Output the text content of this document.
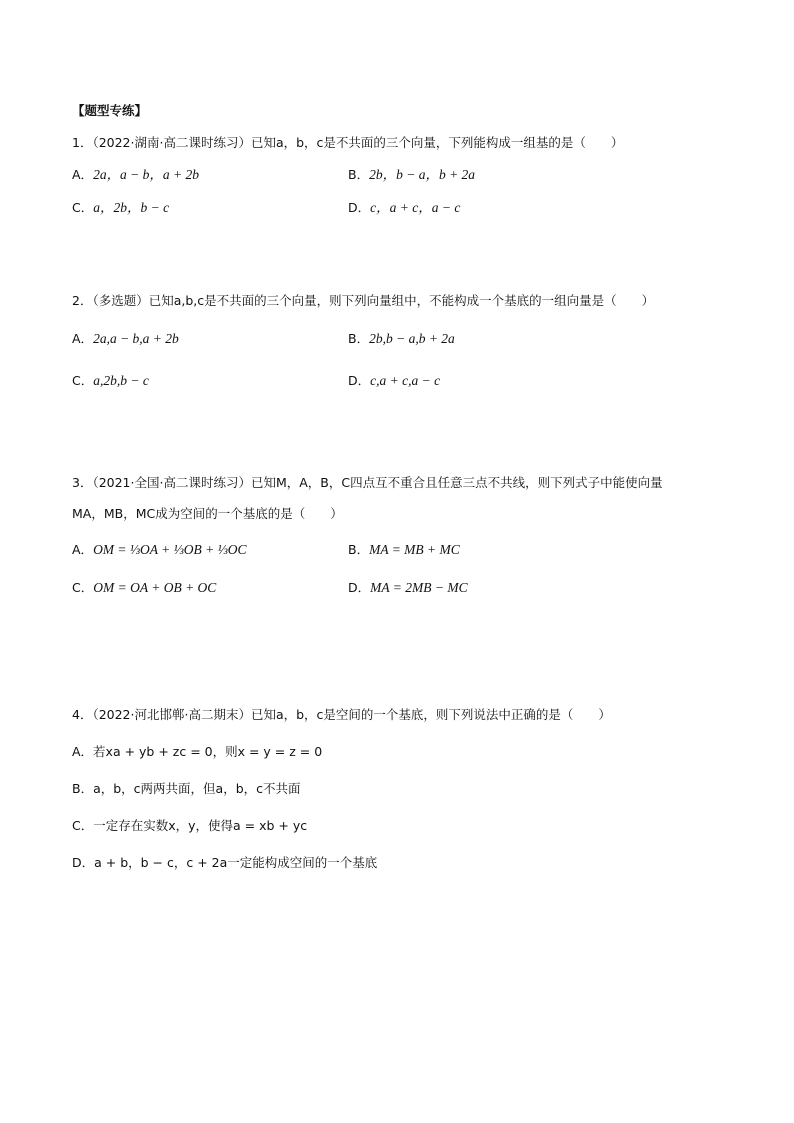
【题型专练】
1．（2022·湖南·高二课时练习）已知a，b，c是不共面的三个向量，下列能构成一组基的是（　　）
A．2a，a − b，a + 2b	B．2b，b − a，b + 2a
C．a，2b，b − c	D．c，a + c，a − c
2．（多选题）已知a,b,c是不共面的三个向量，则下列向量组中，不能构成一个基底的一组向量是（　　）
A．2a,a − b,a + 2b	B．2b,b − a,b + 2a
C．a,2b,b − c	D．c,a + c,a − c
3．（2021·全国·高二课时练习）已知M，A，B，C四点互不重合且任意三点不共线，则下列式子中能使向量
MA，MB，MC成为空间的一个基底的是（　　）
A．OM = ⅓OA + ⅓OB + ⅓OC	B．MA = MB + MC
C．OM = OA + OB + OC	D．MA = 2MB − MC
4．（2022·河北邯郸·高二期末）已知a，b，c是空间的一个基底，则下列说法中正确的是（　　）
A．若xa + yb + zc = 0，则x = y = z = 0
B．a，b，c两两共面，但a，b，c不共面
C．一定存在实数x，y，使得a = xb + yc
D．a + b，b − c，c + 2a一定能构成空间的一个基底
